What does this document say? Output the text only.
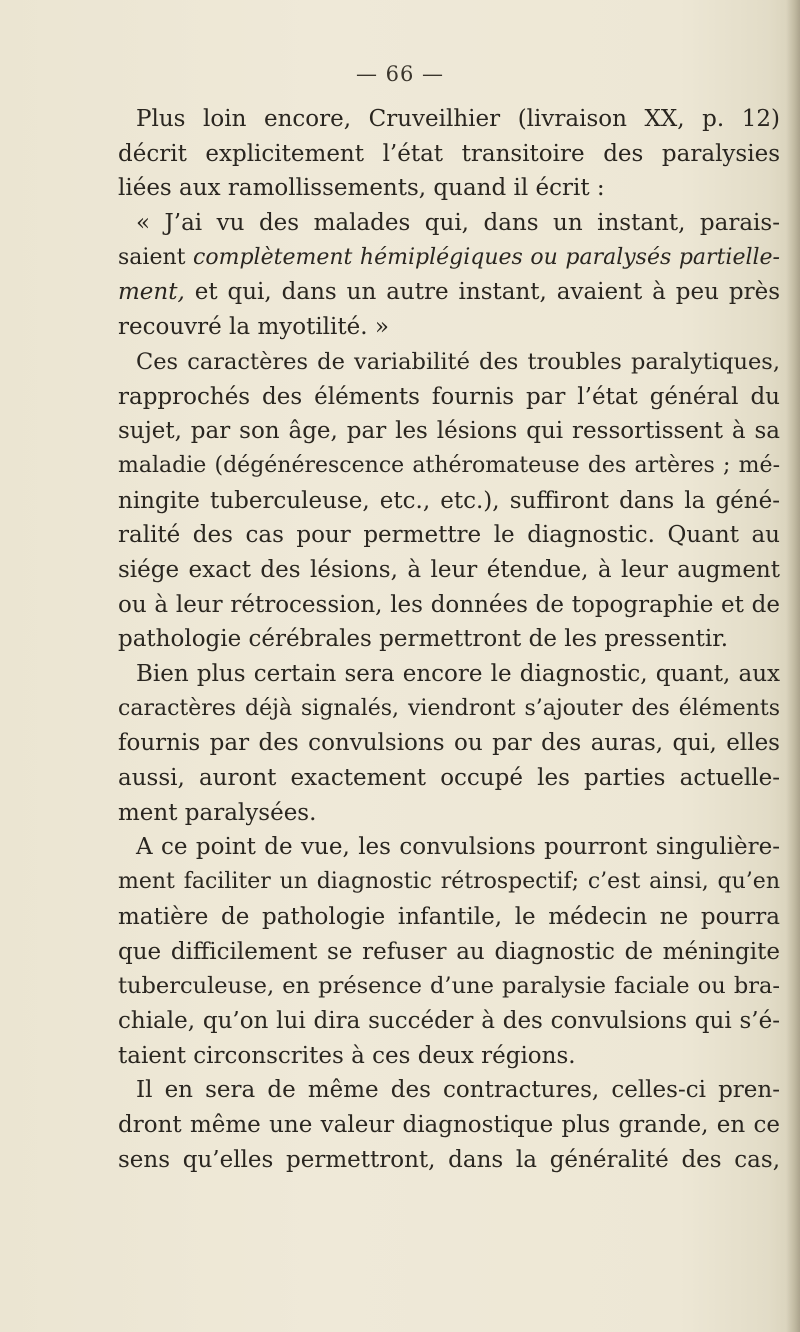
— 66 —
Plus loin encore, Cruveilhier (livraison XX, p. 12)
décrit explicitement l’état transitoire des paralysies
liées aux ramollissements, quand il écrit :
« J’ai vu des malades qui, dans un instant, parais-
saient complètement hémiplégiques ou paralysés partielle-
ment, et qui, dans un autre instant, avaient à peu près
recouvré la myotilité. »
Ces caractères de variabilité des troubles paralytiques,
rapprochés des éléments fournis par l’état général du
sujet, par son âge, par les lésions qui ressortissent à sa
maladie (dégénérescence athéromateuse des artères ; mé-
ningite tuberculeuse, etc., etc.), suffiront dans la géné-
ralité des cas pour permettre le diagnostic. Quant au
siége exact des lésions, à leur étendue, à leur augment
ou à leur rétrocession, les données de topographie et de
pathologie cérébrales permettront de les pressentir.
Bien plus certain sera encore le diagnostic, quant, aux
caractères déjà signalés, viendront s’ajouter des éléments
fournis par des convulsions ou par des auras, qui, elles
aussi, auront exactement occupé les parties actuelle-
ment paralysées.
A ce point de vue, les convulsions pourront singulière-
ment faciliter un diagnostic rétrospectif; c’est ainsi, qu’en
matière de pathologie infantile, le médecin ne pourra
que difficilement se refuser au diagnostic de méningite
tuberculeuse, en présence d’une paralysie faciale ou bra-
chiale, qu’on lui dira succéder à des convulsions qui s’é-
taient circonscrites à ces deux régions.
Il en sera de même des contractures, celles-ci pren-
dront même une valeur diagnostique plus grande, en ce
sens qu’elles permettront, dans la généralité des cas,
